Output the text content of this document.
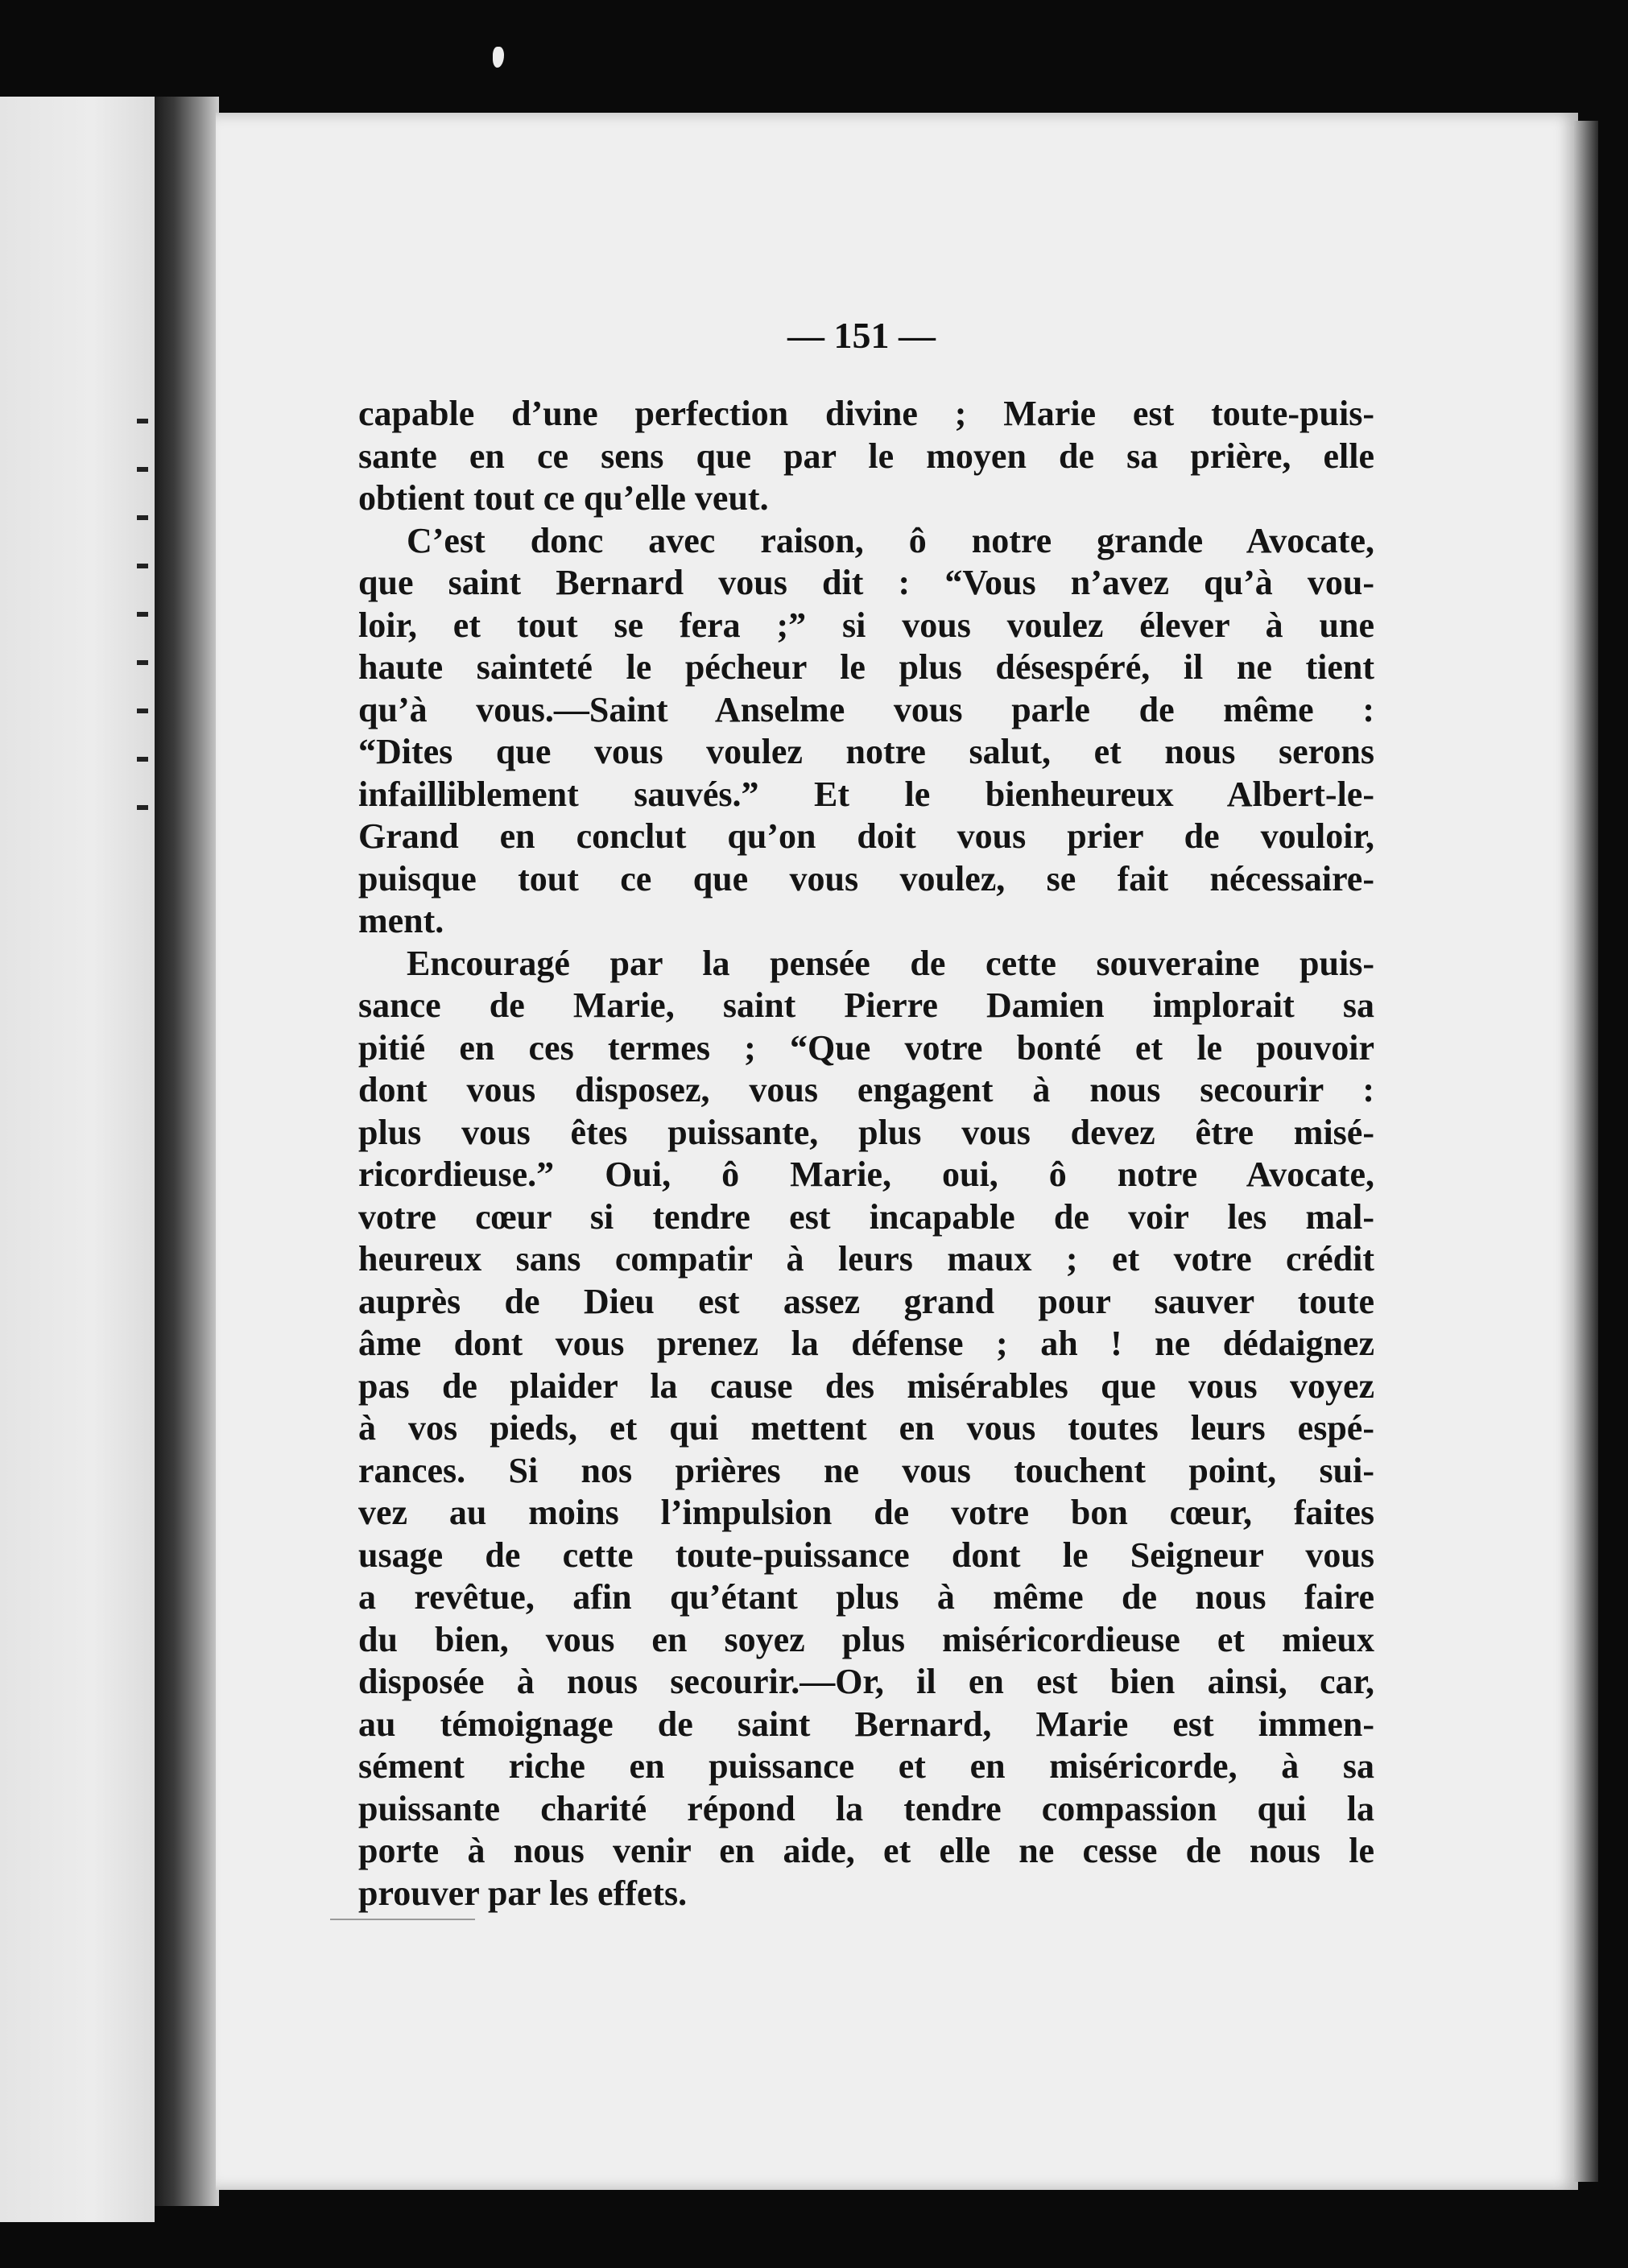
— 151 —
capable d’une perfection divine ; Marie est toute-puis-
sante en ce sens que par le moyen de sa prière, elle
obtient tout ce qu’elle veut.
C’est donc avec raison, ô notre grande Avocate,
que saint Bernard vous dit : “Vous n’avez qu’à vou-
loir, et tout se fera ;” si vous voulez élever à une
haute sainteté le pécheur le plus désespéré, il ne tient
qu’à vous.—Saint Anselme vous parle de même :
“Dites que vous voulez notre salut, et nous serons
infailliblement sauvés.” Et le bienheureux Albert-le-
Grand en conclut qu’on doit vous prier de vouloir,
puisque tout ce que vous voulez, se fait nécessaire-
ment.
Encouragé par la pensée de cette souveraine puis-
sance de Marie, saint Pierre Damien implorait sa
pitié en ces termes ; “Que votre bonté et le pouvoir
dont vous disposez, vous engagent à nous secourir :
plus vous êtes puissante, plus vous devez être misé-
ricordieuse.” Oui, ô Marie, oui, ô notre Avocate,
votre cœur si tendre est incapable de voir les mal-
heureux sans compatir à leurs maux ; et votre crédit
auprès de Dieu est assez grand pour sauver toute
âme dont vous prenez la défense ; ah ! ne dédaignez
pas de plaider la cause des misérables que vous voyez
à vos pieds, et qui mettent en vous toutes leurs espé-
rances. Si nos prières ne vous touchent point, sui-
vez au moins l’impulsion de votre bon cœur, faites
usage de cette toute-puissance dont le Seigneur vous
a revêtue, afin qu’étant plus à même de nous faire
du bien, vous en soyez plus miséricordieuse et mieux
disposée à nous secourir.—Or, il en est bien ainsi, car,
au témoignage de saint Bernard, Marie est immen-
sément riche en puissance et en miséricorde, à sa
puissante charité répond la tendre compassion qui la
porte à nous venir en aide, et elle ne cesse de nous le
prouver par les effets.
